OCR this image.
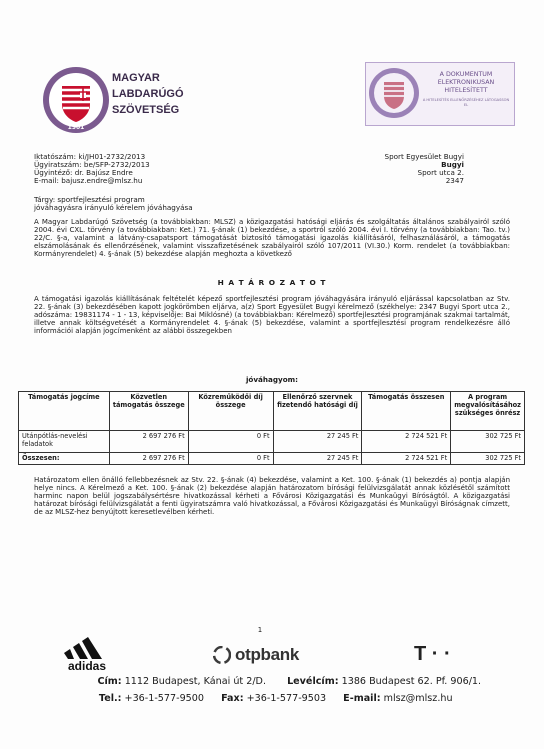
1901
MAGYAR
LABDARÚGÓ
SZÖVETSÉG
A DOKUMENTUM
ELEKTRONIKUSAN
HITELESÍTETT
A HITELESÍTÉS ELLENŐRZÉSÉHEZ LÁTOGASSON EL
Iktatószám: ki/JH01-2732/2013
Ügyiratszám: be/SFP-2732/2013
Ügyintéző: dr. Bajúsz Endre
E-mail: bajusz.endre@mlsz.hu
Sport Egyesület Bugyi
Bugyi
Sport utca 2.
2347
Tárgy: sportfejlesztési program
jóváhagyásra irányuló kérelem jóváhagyása
A Magyar Labdarúgó Szövetség (a továbbiakban: MLSZ) a közigazgatási hatósági eljárás és szolgáltatás általános szabályairól szóló 2004. évi CXL. törvény (a továbbiakban: Ket.) 71. §-ának (1) bekezdése, a sportról szóló 2004. évi I. törvény (a továbbiakban: Tao. tv.) 22/C. §-a, valamint a látvány-csapatsport támogatását biztosító támogatási igazolás kiállításáról, felhasználásáról, a támogatás elszámolásának és ellenőrzésének, valamint visszafizetésének szabályairól szóló 107/2011 (VI.30.) Korm. rendelet (a továbbiakban: Kormányrendelet) 4. §-ának (5) bekezdése alapján meghozta a következő
H A T Á R O Z A T O T
A támogatási igazolás kiállításának feltételét képező sportfejlesztési program jóváhagyására irányuló eljárással kapcsolatban az Stv. 22. §-ának (3) bekezdésében kapott jogkörömben eljárva, a(z) Sport Egyesület Bugyi kérelmező (székhelye: 2347 Bugyi Sport utca 2., adószáma: 19831174 - 1 - 13, képviselője: Bai Miklósné) (a továbbiakban: Kérelmező) sportfejlesztési programjának szakmai tartalmát, illetve annak költségvetését a Kormányrendelet 4. §-ának (5) bekezdése, valamint a sportfejlesztési program rendelkezésre álló információi alapján jogcímenként az alábbi összegekben
jóváhagyom:
Támogatás jogcíme	Közvetlen támogatás összege	Közreműködői díj összege	Ellenőrző szervnek fizetendő hatósági díj	Támogatás összesen	A program megvalósításához szükséges önrész
Utánpótlás-nevelési feladatok	2 697 276 Ft	0 Ft	27 245 Ft	2 724 521 Ft	302 725 Ft
Összesen:	2 697 276 Ft	0 Ft	27 245 Ft	2 724 521 Ft	302 725 Ft
Határozatom ellen önálló fellebbezésnek az Stv. 22. §-ának (4) bekezdése, valamint a Ket. 100. §-ának (1) bekezdés a) pontja alapján helye nincs. A Kérelmező a Ket. 100. §-ának (2) bekezdése alapján határozatom bírósági felülvizsgálatát annak közlésétől számított harminc napon belül jogszabálysértésre hivatkozással kérheti a Fővárosi Közigazgatási és Munkaügyi Bíróságtól. A közigazgatási határozat bírósági felülvizsgálatát a fenti ügyiratszámra való hivatkozással, a Fővárosi Közigazgatási és Munkaügyi Bíróságnak címzett, de az MLSZ-hez benyújtott keresetlevélben kérheti.
1
adidas
otpbank	T · ·
Cím: 1112 Budapest, Kánai út 2/D. Levélcím: 1386 Budapest 62. Pf. 906/1.
Tel.: +36-1-577-9500 Fax: +36-1-577-9503 E-mail: mlsz@mlsz.hu
